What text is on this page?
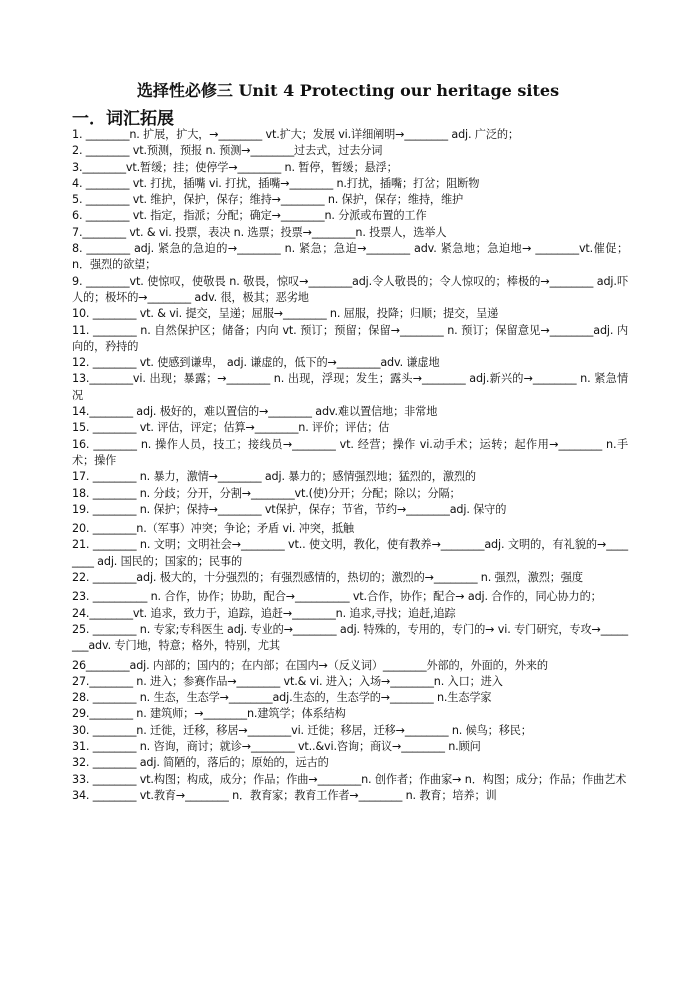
选择性必修三 Unit 4 Protecting our heritage sites
一．词汇拓展
1. ________n. 扩展，扩大，→________ vt.扩大；发展 vi.详细阐明→________ adj. 广泛的；
2. ________ vt.预测，预报 n. 预测→________过去式，过去分词
3.________vt.暂缓；挂；使停学→________ n. 暂停，暂缓；悬浮；
4. ________ vt. 打扰，插嘴 vi. 打扰，插嘴→________ n.打扰，插嘴；打岔；阻断物
5. ________ vt. 维护，保护，保存；维持→________ n. 保护，保存；维持，维护
6. ________ vt. 指定，指派；分配；确定→________n. 分派或布置的工作
7.________ vt. & vi. 投票，表决 n. 选票；投票→________n. 投票人，选举人
8. ________ adj. 紧急的急迫的→________ n. 紧急；急迫→________ adv. 紧急地；急迫地→ ________vt.催促；n．强烈的欲望；
9. ________vt. 使惊叹，使敬畏 n. 敬畏，惊叹→________adj.令人敬畏的；令人惊叹的；棒极的→________ adj.吓人的；极坏的→________ adv. 很，极其；恶劣地
10. ________ vt. & vi. 提交，呈递；屈服→________ n. 屈服，投降；归顺；提交，呈递
11. ________ n. 自然保护区；储备；内向 vt. 预订；预留；保留→________ n. 预订；保留意见→________adj. 内向的，矜持的
12. ________ vt. 使感到谦卑， adj. 谦虚的，低下的→________adv. 谦虚地
13.________vi. 出现；暴露；→________ n. 出现，浮现；发生；露头→________ adj.新兴的→________ n. 紧急情况
14.________ adj. 极好的，难以置信的→________ adv.难以置信地；非常地
15. ________ vt. 评估，评定；估算→________n. 评价；评估；估
16. ________ n. 操作人员，技工；接线员→________ vt. 经营；操作 vi.动手术；运转；起作用→________ n.手术；操作
17. ________ n. 暴力，激情→________ adj. 暴力的；感情强烈地；猛烈的，激烈的
18. ________ n. 分歧；分开，分割→________vt.(使)分开；分配；除以；分隔；
19. ________ n. 保护；保持→________ vt保护，保存；节省，节约→________adj. 保守的
20. ________n.（军事）冲突；争论；矛盾 vi. 冲突，抵触
21. ________ n. 文明；文明社会→________ vt.. 使文明，教化，使有教养→________adj. 文明的，有礼貌的→________ adj. 国民的；国家的；民事的
22. ________adj. 极大的，十分强烈的；有强烈感情的，热切的；激烈的→________ n. 强烈，激烈；强度
23. __________ n. 合作，协作；协助，配合→__________ vt.合作，协作；配合→ adj. 合作的，同心协力的；
24.________vt. 追求，致力于，追踪，追赶→________n. 追求,寻找；追赶,追踪
25. ________ n. 专家;专科医生 adj. 专业的→________ adj. 特殊的，专用的，专门的→ vi. 专门研究，专攻→________adv. 专门地，特意；格外，特别，尤其
26________adj. 内部的；国内的；在内部；在国内→（反义词）________外部的，外面的，外来的
27.________ n. 进入；参赛作品→________ vt.& vi. 进入；入场→________n. 入口；进入
28. ________ n. 生态，生态学→________adj.生态的，生态学的→________ n.生态学家
29.________ n. 建筑师；→________n.建筑学；体系结构
30. ________n. 迁徙，迁移，移居→________vi. 迁徙；移居，迁移→________ n. 候鸟；移民；
31. ________ n. 咨询，商讨；就诊→________ vt..&vi.咨询；商议→________ n.顾问
32. ________ adj. 简陋的，落后的；原始的，远古的
33. ________ vt.构图；构成，成分；作品；作曲→________n. 创作者；作曲家→ n．构图；成分；作品；作曲艺术
34. ________ vt.教育→________ n．教育家；教育工作者→________ n. 教育；培养；训
